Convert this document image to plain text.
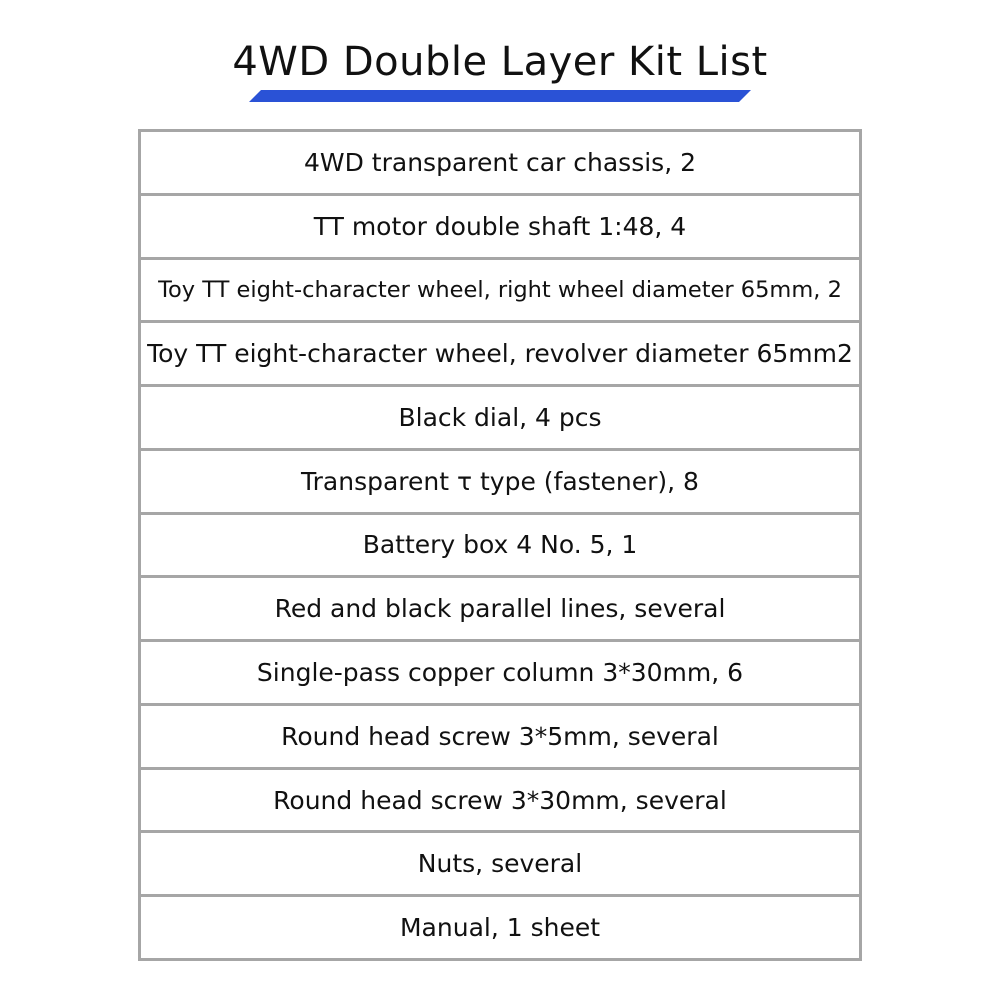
4WD Double Layer Kit List
4WD transparent car chassis, 2
TT motor double shaft 1:48, 4
Toy TT eight-character wheel, right wheel diameter 65mm, 2
Toy TT eight-character wheel, revolver diameter 65mm2
Black dial, 4 pcs
Transparent τ type (fastener), 8
Battery box 4 No. 5, 1
Red and black parallel lines, several
Single-pass copper column 3*30mm, 6
Round head screw 3*5mm, several
Round head screw 3*30mm, several
Nuts, several
Manual, 1 sheet
